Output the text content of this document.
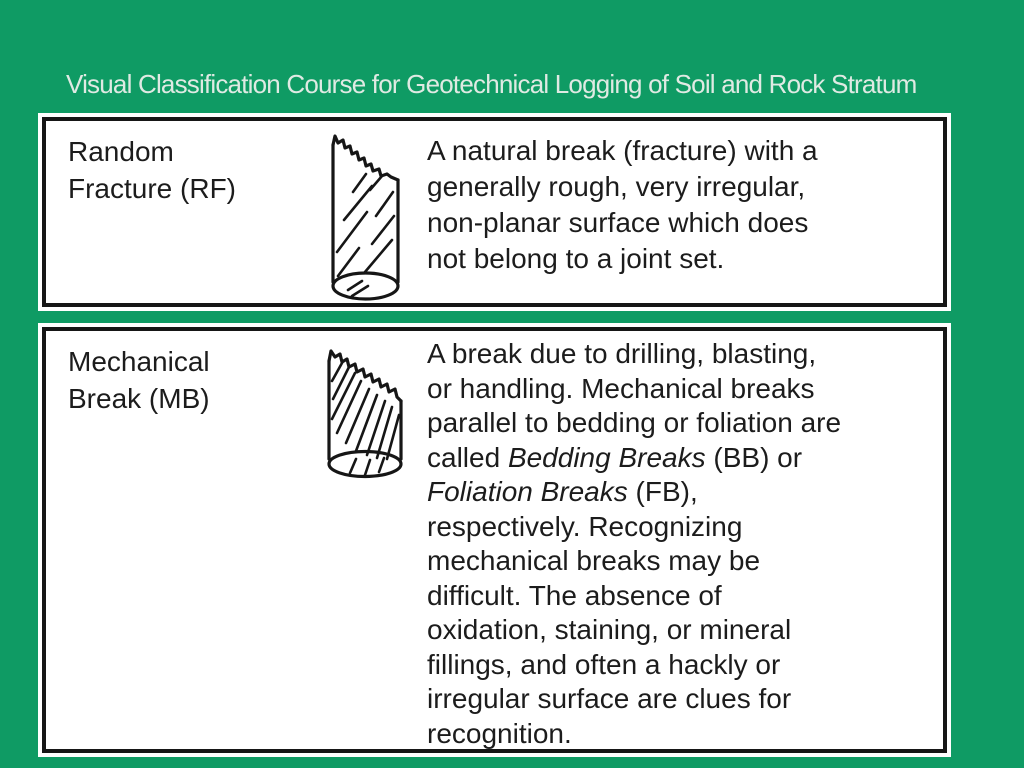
Visual Classification Course for Geotechnical Logging of Soil and Rock Stratum
Random
Fracture (RF)
A natural break (fracture) with a
generally rough, very irregular,
non-planar surface which does
not belong to a joint set.
Mechanical
Break (MB)
A break due to drilling, blasting,
or handling. Mechanical breaks
parallel to bedding or foliation are
called Bedding Breaks (BB) or
Foliation Breaks (FB),
respectively. Recognizing
mechanical breaks may be
difficult. The absence of
oxidation, staining, or mineral
fillings, and often a hackly or
irregular surface are clues for
recognition.
